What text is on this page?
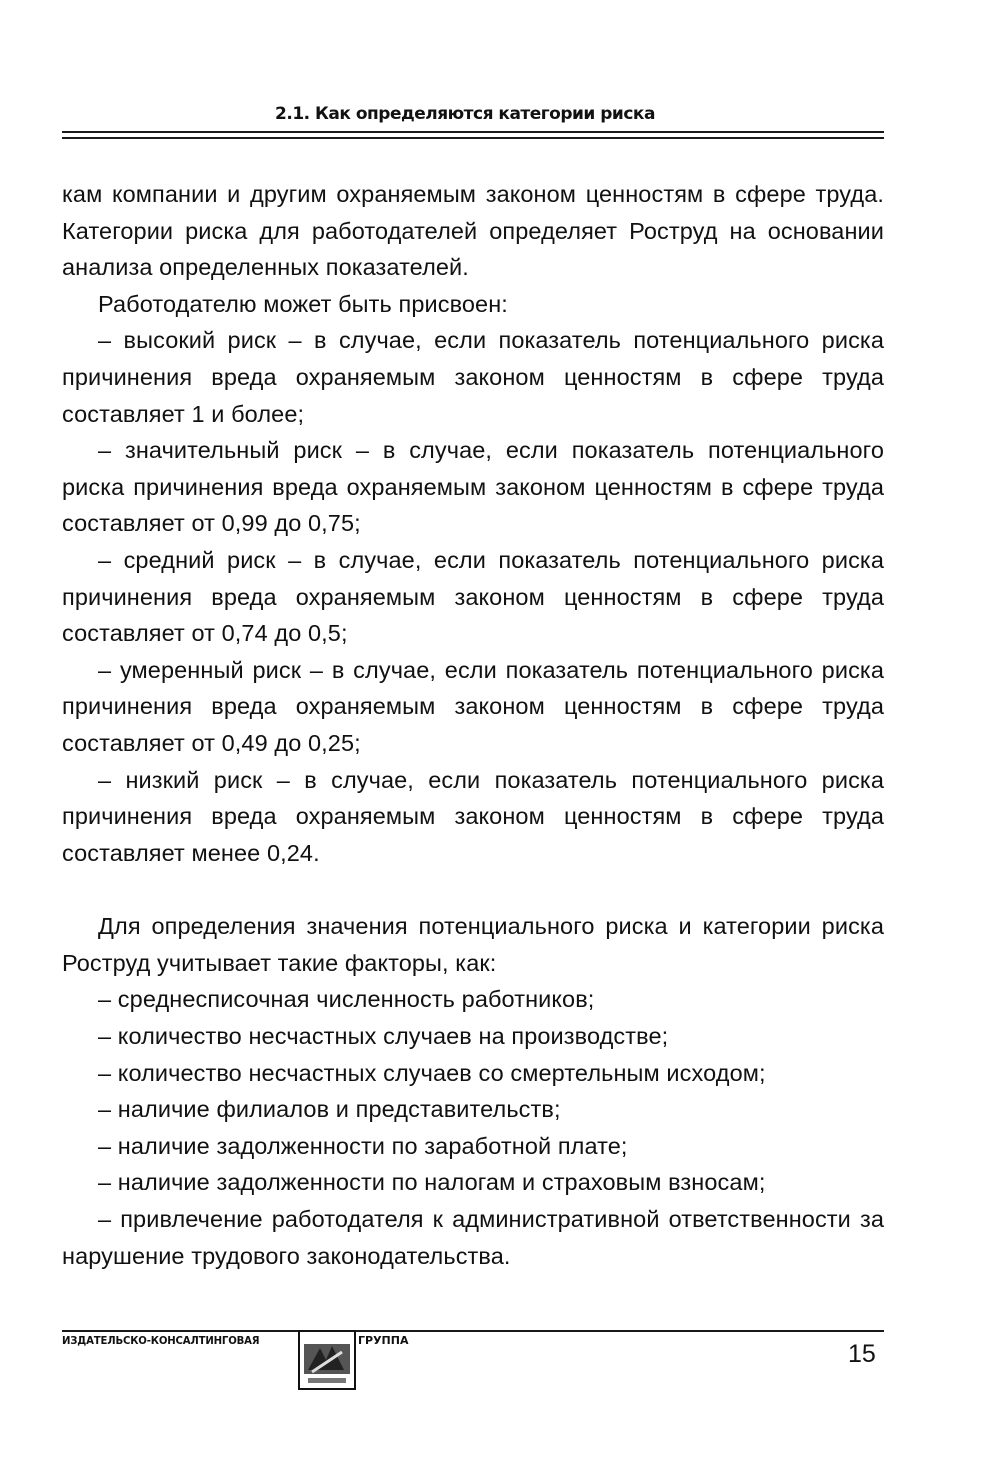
2.1. Как определяются категории риска

кам компании и другим охраняемым законом ценностям в сфере труда. Категории риска для работодателей определяет Роструд на основании анализа определенных показателей.

Работодателю может быть присвоен:

– высокий риск – в случае, если показатель потенциального риска причинения вреда охраняемым законом ценностям в сфере труда составляет 1 и более;

– значительный риск – в случае, если показатель потенциального риска причинения вреда охраняемым законом ценностям в сфере труда составляет от 0,99 до 0,75;

– средний риск – в случае, если показатель потенциального риска причинения вреда охраняемым законом ценностям в сфере труда составляет от 0,74 до 0,5;

– умеренный риск – в случае, если показатель потенциального риска причинения вреда охраняемым законом ценностям в сфере труда составляет от 0,49 до 0,25;

– низкий риск – в случае, если показатель потенциального риска причинения вреда охраняемым законом ценностям в сфере труда составляет менее 0,24.

Для определения значения потенциального риска и категории риска Роструд учитывает такие факторы, как:

– среднесписочная численность работников;
– количество несчастных случаев на производстве;
– количество несчастных случаев со смертельным исходом;
– наличие филиалов и представительств;
– наличие задолженности по заработной плате;
– наличие задолженности по налогам и страховым взносам;
– привлечение работодателя к административной ответственности за нарушение трудового законодательства.
ИЗДАТЕЛЬСКО-КОНСАЛТИНГОВАЯ	ГРУППА	15
